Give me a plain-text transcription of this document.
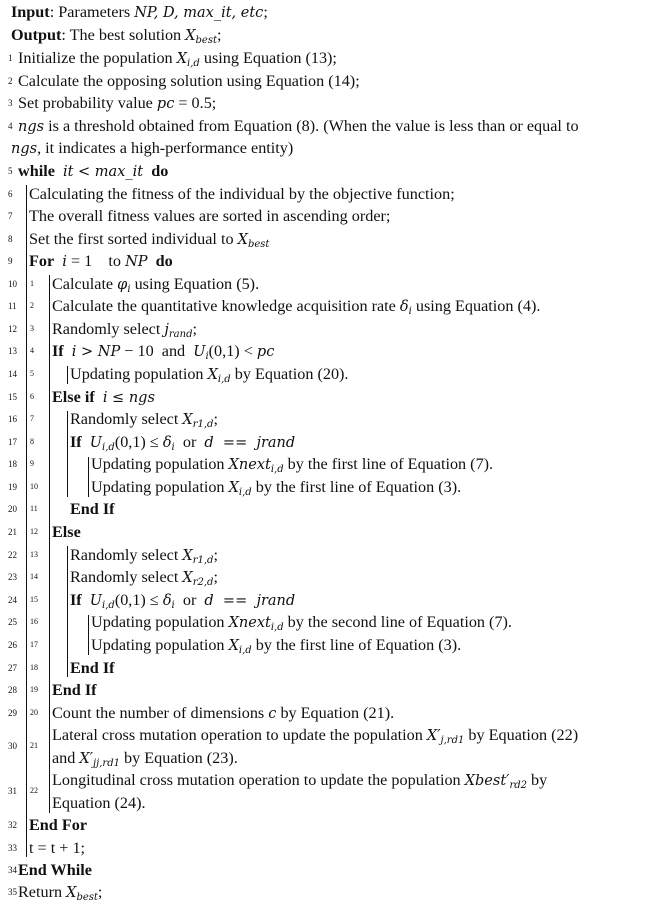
Input: Parameters NP, D, max_it, etc;
Output: The best solution $X_{best}$;
1 Initialize the population $X_{i,d}$ using Equation (13);
2 Calculate the opposing solution using Equation (14);
3 Set probability value pc = 0.5;
4 ngs is a threshold obtained from Equation (8). (When the value is less than or equal to
ngs, it indicates a high-performance entity)
5 while it < max_it do
6 Calculating the fitness of the individual by the objective function;
7 The overall fitness values are sorted in ascending order;
8 Set the first sorted individual to $X_{best}$
9 For i = 1    to NP do
10 1 Calculate $\varphi_i$ using Equation (5).
11 2 Calculate the quantitative knowledge acquisition rate $\delta_i$ using Equation (4).
12 3 Randomly select $j_{rand}$;
13 4 If i > NP − 10  and  $U_i(0,1)$ < pc
14 5 Updating population $X_{i,d}$ by Equation (20).
15 6 Else if i ≤ ngs
16 7 Randomly select $X_{r1,d}$;
17 8 If $U_{i,d}(0,1) \le \delta_i$  or  d  ==  jrand
18 9	Updating population Xnext$_{i,d}$ by the first line of Equation (7).
19 10	Updating population $X_{i,d}$ by the first line of Equation (3).
20 11 End If
21 12 Else
22 13 Randomly select $X_{r1,d}$;
23 14 Randomly select $X_{r2,d}$;
24 15 If $U_{i,d}(0,1) \le \delta_i$  or  d  ==  jrand
25 16	Updating population Xnext$_{i,d}$ by the second line of Equation (7).
26 17	Updating population $X_{i,d}$ by the first line of Equation (3).
27 18 End If
28 19 End If
29 20 Count the number of dimensions c by Equation (21).
30 21
Lateral cross mutation operation to update the population $X'_{j,rd1}$ by Equation (22)
and $X'_{jj,rd1}$ by Equation (23).
31 22
Longitudinal cross mutation operation to update the population $Xbest'_{rd2}$ by
Equation (24).
32 End For
33 t = t + 1;
34 End While
35 Return $X_{best}$;
